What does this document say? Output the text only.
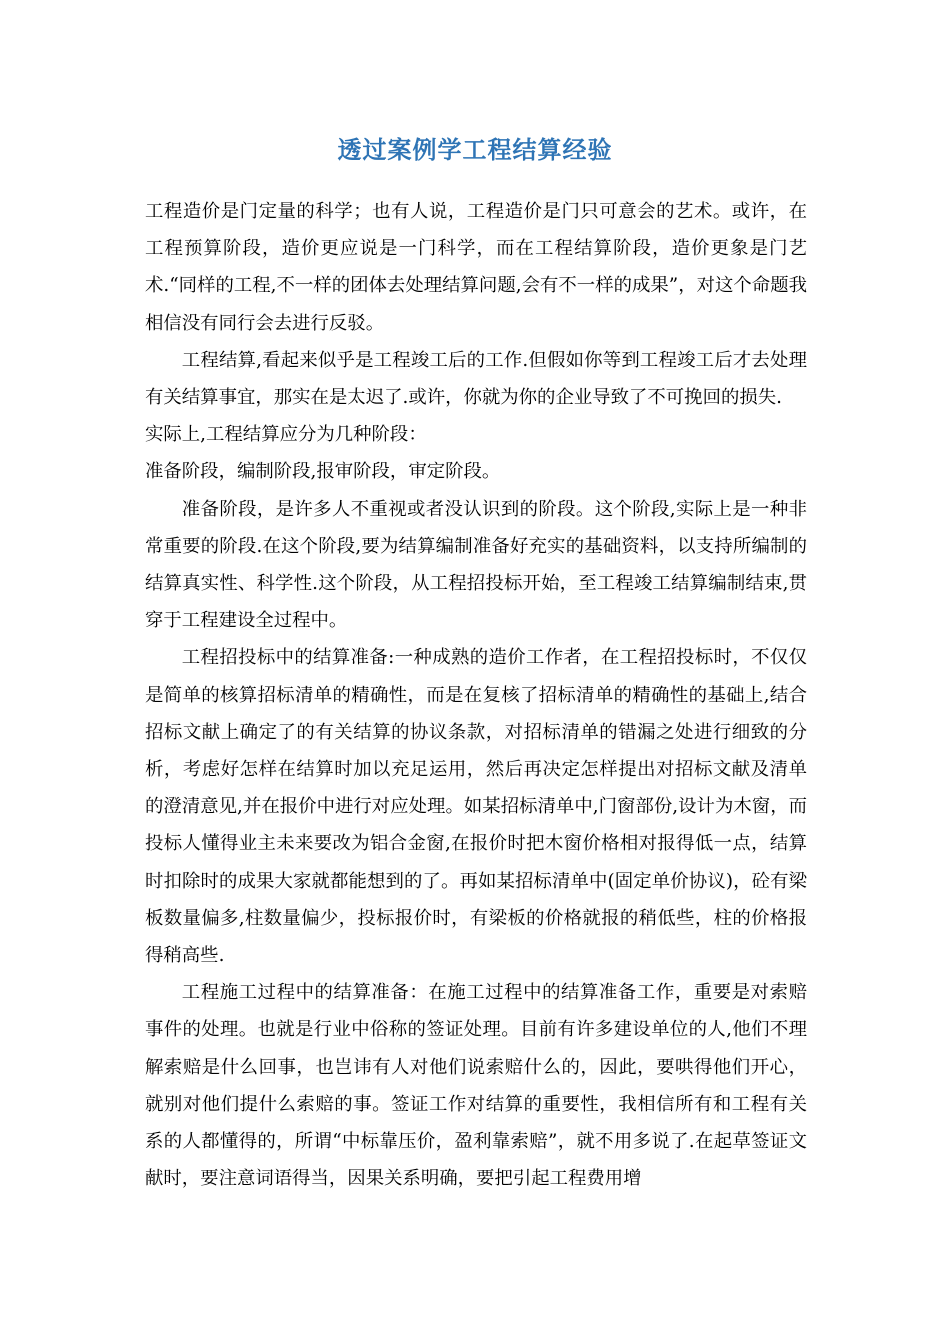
透过案例学工程结算经验

工程造价是门定量的科学；也有人说，工程造价是门只可意会的艺术。或许，在工程预算阶段，造价更应说是一门科学，而在工程结算阶段，造价更象是门艺术.“同样的工程,不一样的团体去处理结算问题,会有不一样的成果”，对这个命题我相信没有同行会去进行反驳。

工程结算,看起来似乎是工程竣工后的工作.但假如你等到工程竣工后才去处理有关结算事宜，那实在是太迟了.或许，你就为你的企业导致了不可挽回的损失.

实际上,工程结算应分为几种阶段：

准备阶段，编制阶段,报审阶段，审定阶段。

准备阶段，是许多人不重视或者没认识到的阶段。这个阶段,实际上是一种非常重要的阶段.在这个阶段,要为结算编制准备好充实的基础资料，以支持所编制的结算真实性、科学性.这个阶段，从工程招投标开始，至工程竣工结算编制结束,贯穿于工程建设全过程中。

工程招投标中的结算准备:一种成熟的造价工作者，在工程招投标时，不仅仅是简单的核算招标清单的精确性，而是在复核了招标清单的精确性的基础上,结合招标文献上确定了的有关结算的协议条款，对招标清单的错漏之处进行细致的分析，考虑好怎样在结算时加以充足运用，然后再决定怎样提出对招标文献及清单的澄清意见,并在报价中进行对应处理。如某招标清单中,门窗部份,设计为木窗，而投标人懂得业主未来要改为铝合金窗,在报价时把木窗价格相对报得低一点，结算时扣除时的成果大家就都能想到的了。再如某招标清单中(固定单价协议)，砼有梁板数量偏多,柱数量偏少，投标报价时，有梁板的价格就报的稍低些，柱的价格报得稍高些.

工程施工过程中的结算准备：在施工过程中的结算准备工作，重要是对索赔事件的处理。也就是行业中俗称的签证处理。目前有许多建设单位的人,他们不理解索赔是什么回事，也岂讳有人对他们说索赔什么的，因此，要哄得他们开心，就别对他们提什么索赔的事。签证工作对结算的重要性，我相信所有和工程有关系的人都懂得的，所谓“中标靠压价，盈利靠索赔”，就不用多说了.在起草签证文献时，要注意词语得当，因果关系明确，要把引起工程费用增
